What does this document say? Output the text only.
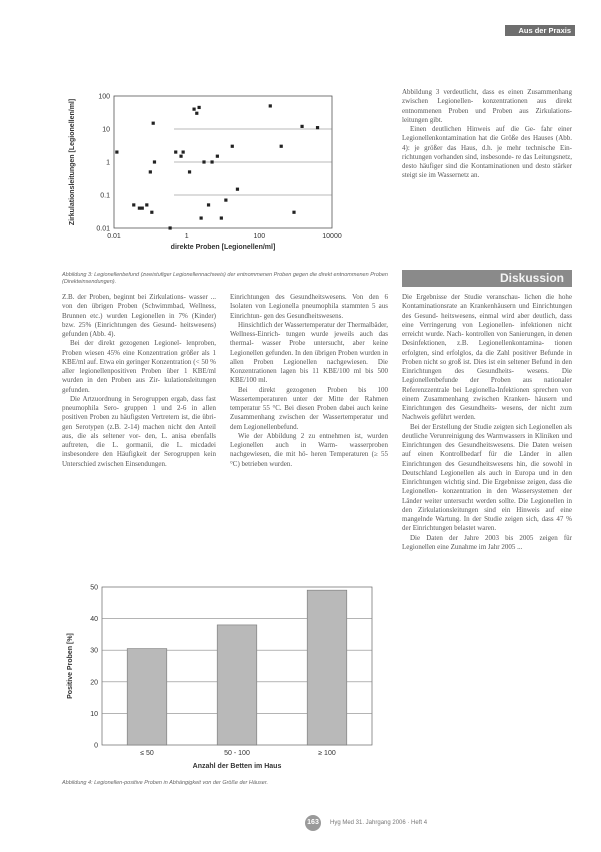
Aus der Praxis
0.01
0.1
1
10
100
0.01	1	100	10000
direkte Proben [Legionellen/ml]
Zirkulationsleitungen [Legionellen/ml]
Abbildung 3: Legionellenbefund (zweistufiger Legionellennachweis) der entnommenen Proben gegen die direkt entnommenen Proben (Direkteinsendungen).

Abbildung 3 verdeutlicht, dass es einen Zusammenhang zwischen Legionellen- konzentrationen aus direkt entnommenen Proben und Proben aus Zirkulations- leitungen gibt.

Einen deutlichen Hinweis auf die Ge- fahr einer Legionellenkontamination hat die Größe des Hauses (Abb. 4): je größer das Haus, d.h. je mehr technische Ein- richtungen vorhanden sind, insbesonde- re das Leitungsnetz, desto häufiger sind die Kontaminationen und desto stärker steigt sie im Wassernetz an.

Diskussion

Z.B. der Proben, beginnt bei Zirkulations- wasser ... von den übrigen Proben (Schwimmbad, Wellness, Brunnen etc.) wurden Legionellen in 7% (Kinder) bzw. 25% (Einrichtungen des Gesund- heitswesens) gefunden (Abb. 4).

Bei der direkt gezogenen Legionel- lenproben, Proben wiesen 45% eine Konzentration größer als 1 KBE/ml auf. Etwa ein geringer Konzentration (< 50 % aller legionellenpositiven Proben über 1 KBE/ml wurden in den Proben aus Zir- kulationsleitungen gefunden.

Die Artzuordnung in Serogruppen ergab, dass fast pneumophila Sero- gruppen 1 und 2-6 in allen positiven Proben zu häufigsten Vertretern ist, die übri- gen Serotypen (z.B. 2-14) machen nicht den Anteil aus, die als seltener vor- den, L. anisa ebenfalls auftreten, die L. gormanii, die L. micdadei insbesondere den Häufigkeit der Serogruppen kein Unterschied zwischen Einsendungen.

Einrichtungen des Gesundheitswesens. Von den 6 Isolaten von Legionella pneumophila stammten 5 aus Einrichtun- gen des Gesundheitswesens.

Hinsichtlich der Wassertemperatur der Thermalbäder, Wellness-Einrich- tungen wurde jeweils auch das thermal- wasser Probe untersucht, aber keine Legionellen gefunden. In den übrigen Proben wurden in allen Proben Legionellen nachgewiesen. Die Konzentrationen lagen bis 11 KBE/100 ml bis 500 KBE/100 ml.

Bei direkt gezogenen Proben bis 100 Wassertemperaturen unter der Mitte der Rahmen temperatur 55 °C. Bei diesen Proben dabei auch keine Zusammenhang zwischen der Wassertemperatur und dem Legionellenbefund.

Wie der Abbildung 2 zu entnehmen ist, wurden Legionellen auch in Warm- wasserproben nachgewiesen, die mit hö- heren Temperaturen (≥ 55 °C) betrieben wurden.

Die Ergebnisse der Studie veranschau- lichen die hohe Kontaminationsrate an Krankenhäusern und Einrichtungen des Gesund- heitswesens, einmal wird aber deutlich, dass eine Verringerung von Legionellen- infektionen nicht erreicht wurde. Nach- kontrollen von Sanierungen, in denen Desinfektionen, z.B. Legionellenkontamina- tionen erfolgten, sind erfolglos, da die Zahl positiver Befunde in Proben nicht so groß ist. Dies ist ein seltener Befund in den Einrichtungen des Gesundheits- wesens. Die Legionellenbefunde der Proben aus nationaler Referenzzentrale bei Legionella-Infektionen sprechen von einem Zusammenhang zwischen Kranken- häusern und Einrichtungen des Gesundheits- wesens, der nicht zum Nachweis geführt werden.

Bei der Erstellung der Studie zeigten sich Legionellen als deutliche Verunreinigung des Warmwassers in Kliniken und Einrichtungen des Gesundheitswesens. Die Daten weisen auf einen Kontrollbedarf für die Länder in allen Einrichtungen des Gesundheitswesens hin, die sowohl in Deutschland Legionellen als auch in Europa und in den Einrichtungen wichtig sind. Die Ergebnisse zeigen, dass die Legionellen- konzentration in den Wassersystemen der Länder weiter untersucht werden sollte. Die Legionellen in den Zirkulationsleitungen sind ein Hinweis auf eine mangelnde Wartung. In der Studie zeigen sich, dass 47 % der Einrichtungen belastet waren.

Die Daten der Jahre 2003 bis 2005 zeigen für Legionellen eine Zunahme im Jahr 2005 ...

0
10
20
30
40
50
≤ 50	50 - 100	≥ 100
Anzahl der Betten im Haus
Positive Proben [%]
Abbildung 4: Legionellen-positive Proben in Abhängigkeit von der Größe der Häuser.
163	Hyg Med 31. Jahrgang 2006 · Heft 4
